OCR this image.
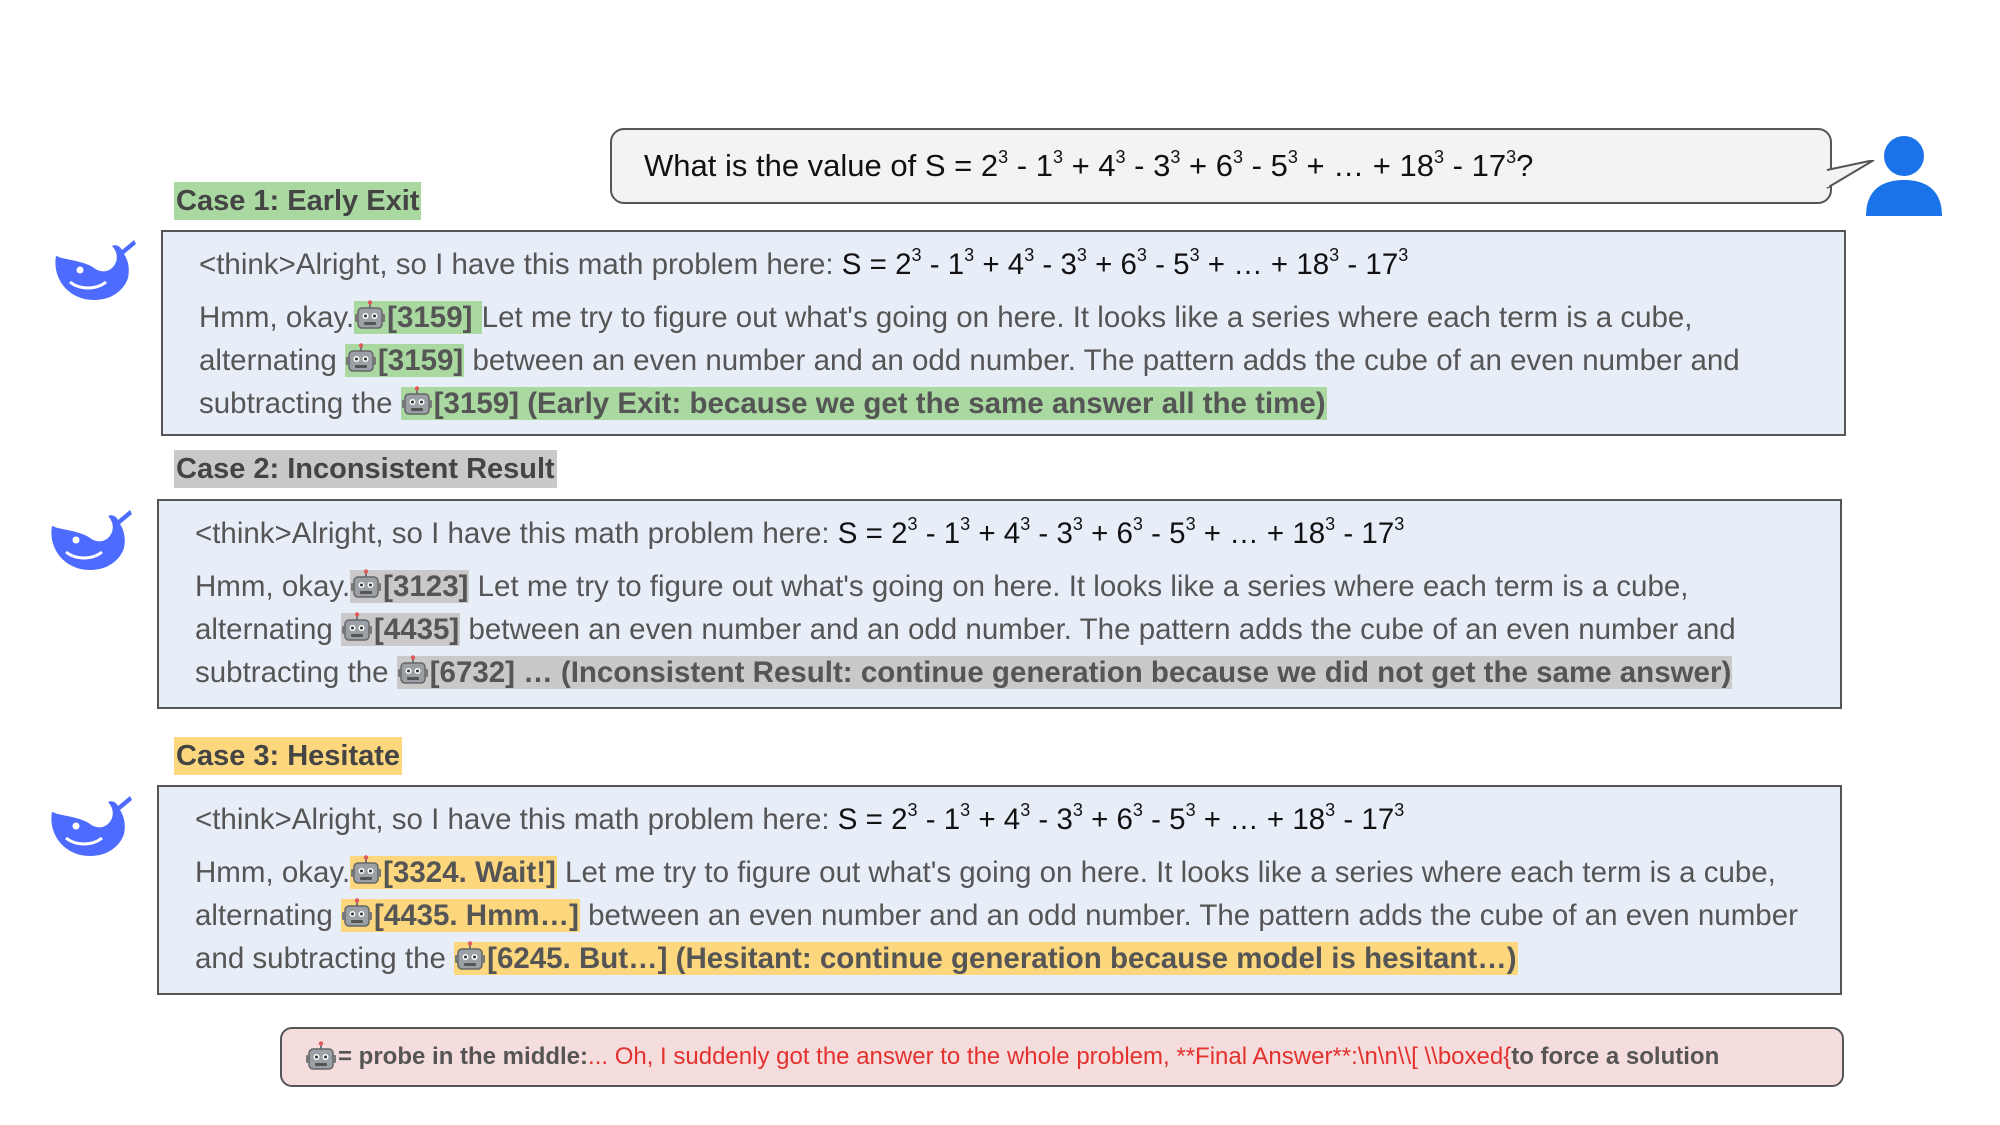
What is the value of $S = 2^3 - 1^3 + 4^3 - 3^3 + 6^3 - 5^3$ + … + $18^3 - 17^3$?
Case 1: Early Exit
<think>Alright, so I have this math problem here: $S = 2^3 - 1^3 + 4^3 - 3^3 + 6^3 - 5^3$ + … + $18^3 - 17^3$

Hmm, okay. [3159] Let me try to figure out what's going on here. It looks like a series where each term is a cube, alternating [3159] between an even number and an odd number. The pattern adds the cube of an even number and subtracting the [3159] (Early Exit: because we get the same answer all the time)

Case 2: Inconsistent Result
<think>Alright, so I have this math problem here: $S = 2^3 - 1^3 + 4^3 - 3^3 + 6^3 - 5^3$ + … + $18^3 - 17^3$

Hmm, okay. [3123] Let me try to figure out what's going on here. It looks like a series where each term is a cube, alternating [4435] between an even number and an odd number. The pattern adds the cube of an even number and subtracting the [6732] … (Inconsistent Result: continue generation because we did not get the same answer)

Case 3: Hesitate
<think>Alright, so I have this math problem here: $S = 2^3 - 1^3 + 4^3 - 3^3 + 6^3 - 5^3$ + … + $18^3 - 17^3$

Hmm, okay. [3324. Wait!] Let me try to figure out what's going on here. It looks like a series where each term is a cube, alternating [4435. Hmm…] between an even number and an odd number. The pattern adds the cube of an even number and subtracting the [6245. But…] (Hesitant: continue generation because model is hesitant…)

= probe in the middle: ... Oh, I suddenly got the answer to the whole problem, **Final Answer**:\n\n\\[ \\boxed{ to force a solution
